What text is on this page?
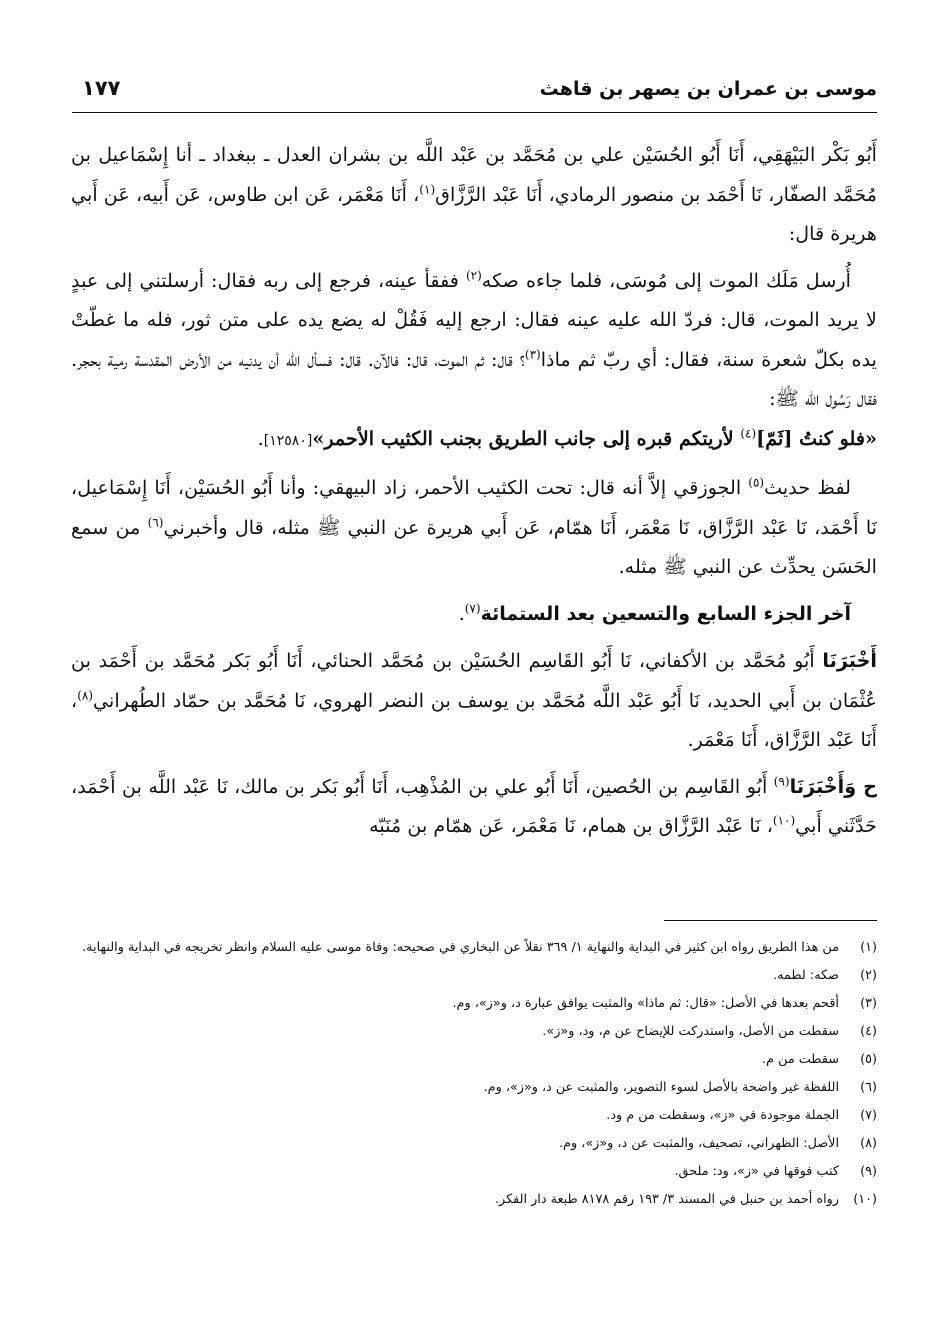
موسى بن عمران بن يصهر بن قاهث
١٧٧

أَبُو بَكْر البَيْهَقِي، أَنَا أَبُو الحُسَيْن علي بن مُحَمَّد بن عَبْد اللَّه بن بشران العدل ـ ببغداد ـ أنا إِسْمَاعيل بن مُحَمَّد الصفّار، نَا أَحْمَد بن منصور الرمادي، أَنَا عَبْد الرَّزَّاق$^{(١)}$، أَنَا مَعْمَر، عَن ابن طاوس، عَن أَبيه، عَن أَبي هريرة قال:

أُرسل مَلَك الموت إلى مُوسَى، فلما جاءه صكه$^{(٢)}$ ففقأ عينه، فرجع إلى ربه فقال: أرسلتني إلى عبدٍ لا يريد الموت، قال: فردّ الله عليه عينه فقال: ارجع إليه فَقُلْ له يضع يده على متن ثور، فله ما غطّتْ يده بكلّ شعرة سنة، فقال: أي ربّ ثم ماذا$^{(٣)}$؟ قال: ثم الموت، قال: فالآن. قال: فسأل الله أن يدنيه من الأرض المقدسة رمية بحجر. فقال رَسُول الله ﷺ:
«فلو كنتُ [ثَمّ]$^{(٤)}$ لأريتكم قبره إلى جانب الطريق بجنب الكثيب الأحمر»[١٢٥٨٠].

لفظ حديث$^{(٥)}$ الجوزقي إلاَّ أنه قال: تحت الكثيب الأحمر، زاد البيهقي: وأنا أَبُو الحُسَيْن، أَنَا إِسْمَاعيل، نَا أَحْمَد، نَا عَبْد الرَّزَّاق، نَا مَعْمَر، أَنَا همّام، عَن أَبي هريرة عن النبي ﷺ مثله، قال وأخبرني$^{(٦)}$ من سمع الحَسَن يحدِّث عن النبي ﷺ مثله.

آخر الجزء السابع والتسعين بعد الستمائة$^{(٧)}$.

أَخْبَرَنَا أَبُو مُحَمَّد بن الأكفاني، نَا أَبُو القَاسِم الحُسَيْن بن مُحَمَّد الحنائي، أَنَا أَبُو بَكر مُحَمَّد بن أَحْمَد بن عُثْمَان بن أَبي الحديد، نَا أَبُو عَبْد اللَّه مُحَمَّد بن يوسف بن النضر الهروي، نَا مُحَمَّد بن حمّاد الطُهراني$^{(٨)}$، أَنَا عَبْد الرَّزَّاق، أَنَا مَعْمَر.

ح وَأَخْبَرَنَا$^{(٩)}$ أَبُو القَاسِم بن الحُصين، أَنَا أَبُو علي بن المُذْهِب، أَنَا أَبُو بَكر بن مالك، نَا عَبْد اللَّه بن أَحْمَد، حَدَّثَني أَبي$^{(١٠)}$، نَا عَبْد الرَّزَّاق بن همام، نَا مَعْمَر، عَن همّام بن مُنَبّه

(١)
من هذا الطريق رواه ابن كثير في البداية والنهاية ١/ ٣٦٩ نقلاً عن البخاري في صحيحه: وفاة موسى عليه السلام وانظر تخريجه في البداية والنهاية.
(٢)
صكه: لطمه.
(٣)
أقحم بعدها في الأصل: «قال: ثم ماذا» والمثبت يوافق عبارة د، و«ز»، وم.
(٤)
سقطت من الأصل، واستدركت للإيضاح عن م، ود، و«ز».
(٥)
سقطت من م.
(٦)
اللفظة غير واضحة بالأصل لسوء التصوير، والمثبت عن د، و«ز»، وم.
(٧)
الجملة موجودة في «ز»، وسقطت من م ود.
(٨)
الأصل: الظهراني، تصحيف، والمثبت عن د، و«ز»، وم.
(٩)
كتب فوقها في «ز»، ود: ملحق.
(١٠)
رواه أحمد بن حنبل في المسند ٣/ ١٩٣ رقم ٨١٧٨ طبعة دار الفكر.
